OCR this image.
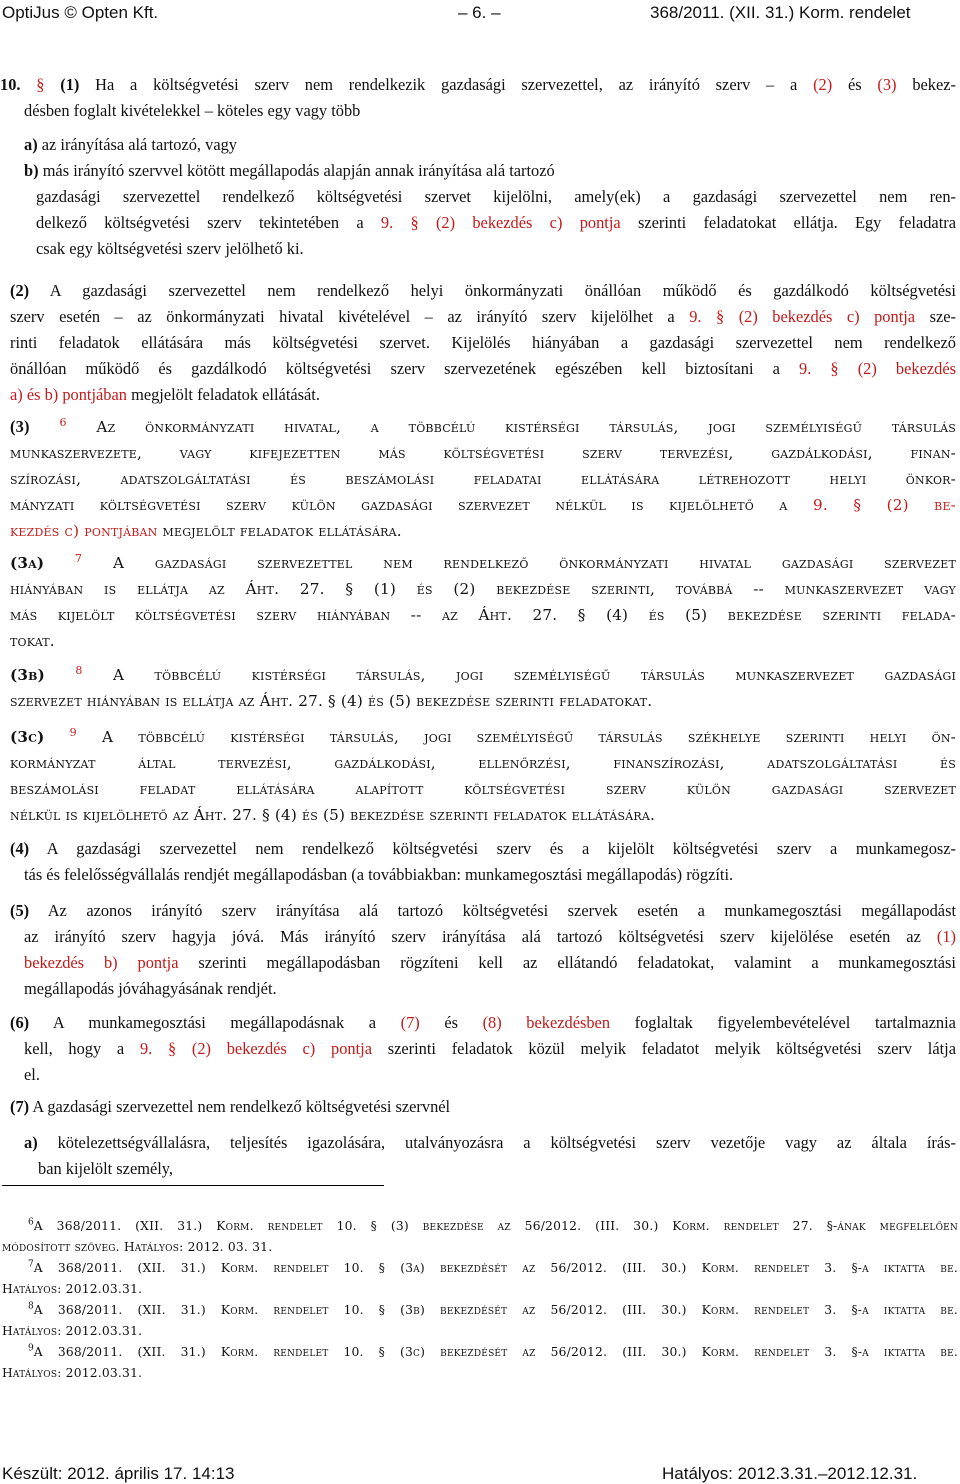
OptiJus © Opten Kft.	– 6. –	368/2011. (XII. 31.) Korm. rendelet
10. § (1) Ha a költségvetési szerv nem rendelkezik gazdasági szervezettel, az irányító szerv – a (2) és (3) bekez-
désben foglalt kivételekkel – köteles egy vagy több
a) az irányítása alá tartozó, vagy
b) más irányító szervvel kötött megállapodás alapján annak irányítása alá tartozó
gazdasági szervezettel rendelkező költségvetési szervet kijelölni, amely(ek) a gazdasági szervezettel nem ren-
delkező költségvetési szerv tekintetében a 9. § (2) bekezdés c) pontja szerinti feladatokat ellátja. Egy feladatra
csak egy költségvetési szerv jelölhető ki.
(2) A gazdasági szervezettel nem rendelkező helyi önkormányzati önállóan működő és gazdálkodó költségvetési
szerv esetén – az önkormányzati hivatal kivételével – az irányító szerv kijelölhet a 9. § (2) bekezdés c) pontja sze-
rinti feladatok ellátására más költségvetési szervet. Kijelölés hiányában a gazdasági szervezettel nem rendelkező
önállóan működő és gazdálkodó költségvetési szerv szervezetének egészében kell biztosítani a 9. § (2) bekezdés
a) és b) pontjában megjelölt feladatok ellátását.
(3)	$^6$ Az önkormányzati hivatal, a többcélú kistérségi társulás, jogi személyiségű társulás
munkaszervezete, vagy kifejezetten más költségvetési szerv tervezési, gazdálkodási, finan-
szírozási, adatszolgáltatási és beszámolási feladatai ellátására létrehozott helyi önkor-
mányzati költségvetési szerv külön gazdasági szervezet nélkül is kijelölhető a 9. § (2) be-
kezdés c) pontjában megjelölt feladatok ellátására.
(3a)	$^7$ A gazdasági szervezettel nem rendelkező önkormányzati hivatal gazdasági szervezet
hiányában is ellátja az Áht. 27. § (1) és (2) bekezdése szerinti, továbbá -- munkaszervezet vagy
más kijelölt költségvetési szerv hiányában -- az Áht. 27. § (4) és (5) bekezdése szerinti felada-
tokat.
(3b)	$^8$ A többcélú kistérségi társulás, jogi személyiségű társulás munkaszervezet gazdasági
szervezet hiányában is ellátja az Áht. 27. § (4) és (5) bekezdése szerinti feladatokat.
(3c) $^9$ A többcélú kistérségi társulás, jogi személyiségű társulás székhelye szerinti helyi ön-
kormányzat által tervezési, gazdálkodási, ellenőrzési, finanszírozási, adatszolgáltatási és
beszámolási feladat ellátására alapított költségvetési szerv külön gazdasági szervezet
nélkül is kijelölhető az Áht. 27. § (4) és (5) bekezdése szerinti feladatok ellátására.
(4) A gazdasági szervezettel nem rendelkező költségvetési szerv és a kijelölt költségvetési szerv a munkamegosz-
tás és felelősségvállalás rendjét megállapodásban (a továbbiakban: munkamegosztási megállapodás) rögzíti.
(5) Az azonos irányító szerv irányítása alá tartozó költségvetési szervek esetén a munkamegosztási megállapodást
az irányító szerv hagyja jóvá. Más irányító szerv irányítása alá tartozó költségvetési szerv kijelölése esetén az (1)
bekezdés b) pontja szerinti megállapodásban rögzíteni kell az ellátandó feladatokat, valamint a munkamegosztási
megállapodás jóváhagyásának rendjét.
(6) A munkamegosztási megállapodásnak a (7) és (8) bekezdésben foglaltak figyelembevételével tartalmaznia
kell, hogy a 9. § (2) bekezdés c) pontja szerinti feladatok közül melyik feladatot melyik költségvetési szerv látja
el.
(7) A gazdasági szervezettel nem rendelkező költségvetési szervnél
a) kötelezettségvállalásra, teljesítés igazolására, utalványozásra a költségvetési szerv vezetője vagy az általa írás-
ban kijelölt személy,
$^6$A 368/2011. (XII. 31.) Korm. rendelet 10. § (3) bekezdése az 56/2012. (III. 30.) Korm. rendelet 27. §-ának megfelelően
módosított szöveg. Hatályos: 2012. 03. 31.
$^7$A 368/2011. (XII. 31.) Korm. rendelet 10. § (3a) bekezdését az 56/2012. (III. 30.) Korm. rendelet 3. §-a iktatta be.
Hatályos: 2012.03.31.
$^8$A 368/2011. (XII. 31.) Korm. rendelet 10. § (3b) bekezdését az 56/2012. (III. 30.) Korm. rendelet 3. §-a iktatta be.
Hatályos: 2012.03.31.
$^9$A 368/2011. (XII. 31.) Korm. rendelet 10. § (3c) bekezdését az 56/2012. (III. 30.) Korm. rendelet 3. §-a iktatta be.
Hatályos: 2012.03.31.
Készült: 2012. április 17. 14:13	Hatályos: 2012.3.31.–2012.12.31.
